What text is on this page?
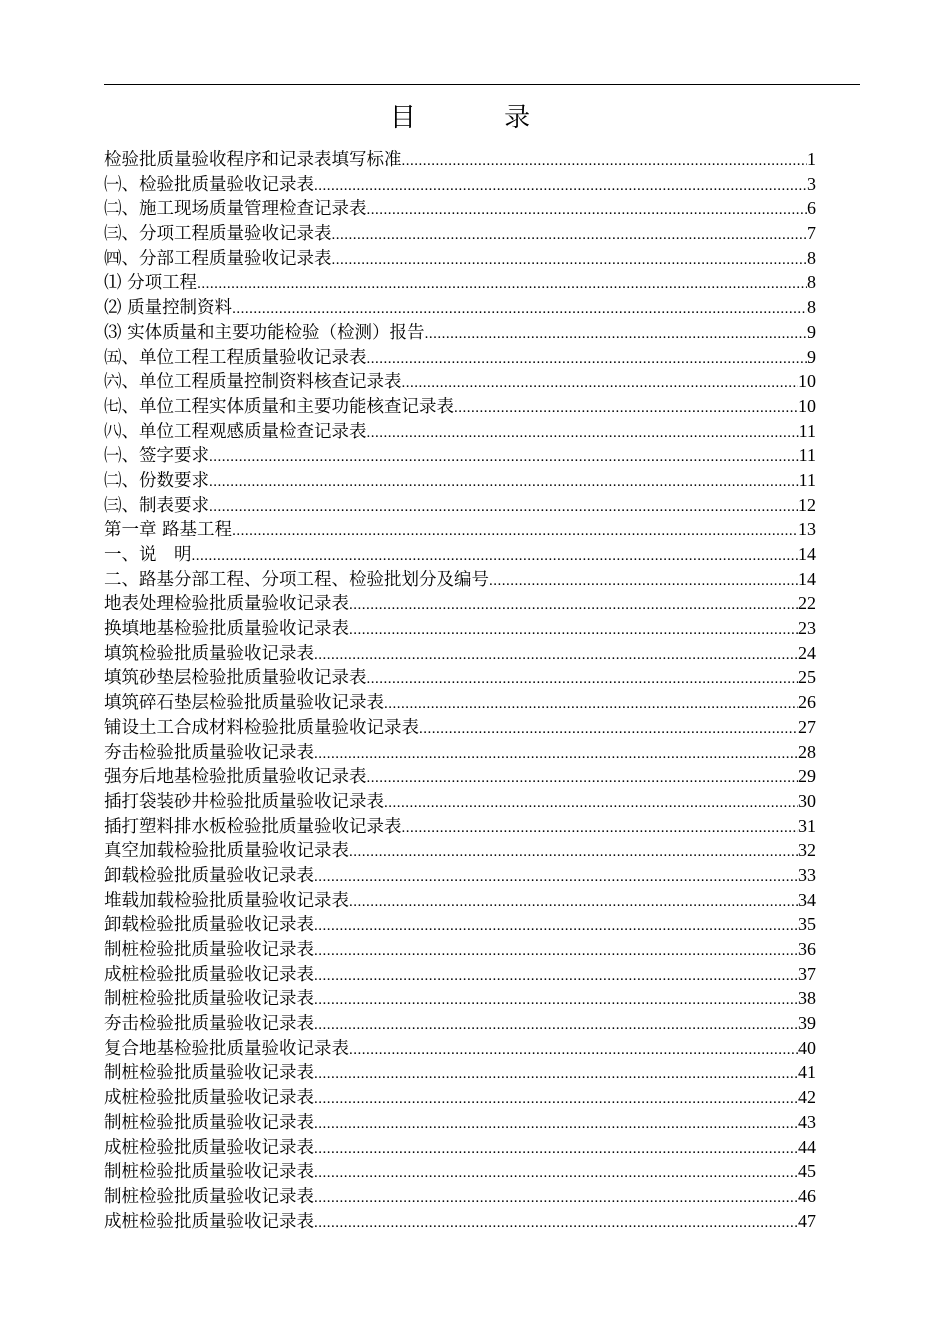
目 录
检验批质量验收程序和记录表填写标准 .....	1
㈠、检验批质量验收记录表 .....	3
㈡、施工现场质量管理检查记录表 .....	6
㈢、分项工程质量验收记录表 .....	7
㈣、分部工程质量验收记录表 .....	8
⑴ 分项工程 .....	8
⑵ 质量控制资料 .....	8
⑶ 实体质量和主要功能检验（检测）报告 .....	9
㈤、单位工程工程质量验收记录表 .....	9
㈥、单位工程质量控制资料核查记录表 .....	10
㈦、单位工程实体质量和主要功能核查记录表 .....	10
㈧、单位工程观感质量检查记录表 .....	11
㈠、签字要求 .....	11
㈡、份数要求 .....	11
㈢、制表要求 .....	12
第一章 路基工程 .....	13
一、说　明 .....	14
二、路基分部工程、分项工程、检验批划分及编号 .....	14
地表处理检验批质量验收记录表 .....	22
换填地基检验批质量验收记录表 .....	23
填筑检验批质量验收记录表 .....	24
填筑砂垫层检验批质量验收记录表 .....	25
填筑碎石垫层检验批质量验收记录表 .....	26
铺设土工合成材料检验批质量验收记录表 .....	27
夯击检验批质量验收记录表 .....	28
强夯后地基检验批质量验收记录表 .....	29
插打袋装砂井检验批质量验收记录表 .....	30
插打塑料排水板检验批质量验收记录表 .....	31
真空加载检验批质量验收记录表 .....	32
卸载检验批质量验收记录表 .....	33
堆载加载检验批质量验收记录表 .....	34
卸载检验批质量验收记录表 .....	35
制桩检验批质量验收记录表 .....	36
成桩检验批质量验收记录表 .....	37
制桩检验批质量验收记录表 .....	38
夯击检验批质量验收记录表 .....	39
复合地基检验批质量验收记录表 .....	40
制桩检验批质量验收记录表 .....	41
成桩检验批质量验收记录表 .....	42
制桩检验批质量验收记录表 .....	43
成桩检验批质量验收记录表 .....	44
制桩检验批质量验收记录表 .....	45
制桩检验批质量验收记录表 .....	46
成桩检验批质量验收记录表 .....	47
